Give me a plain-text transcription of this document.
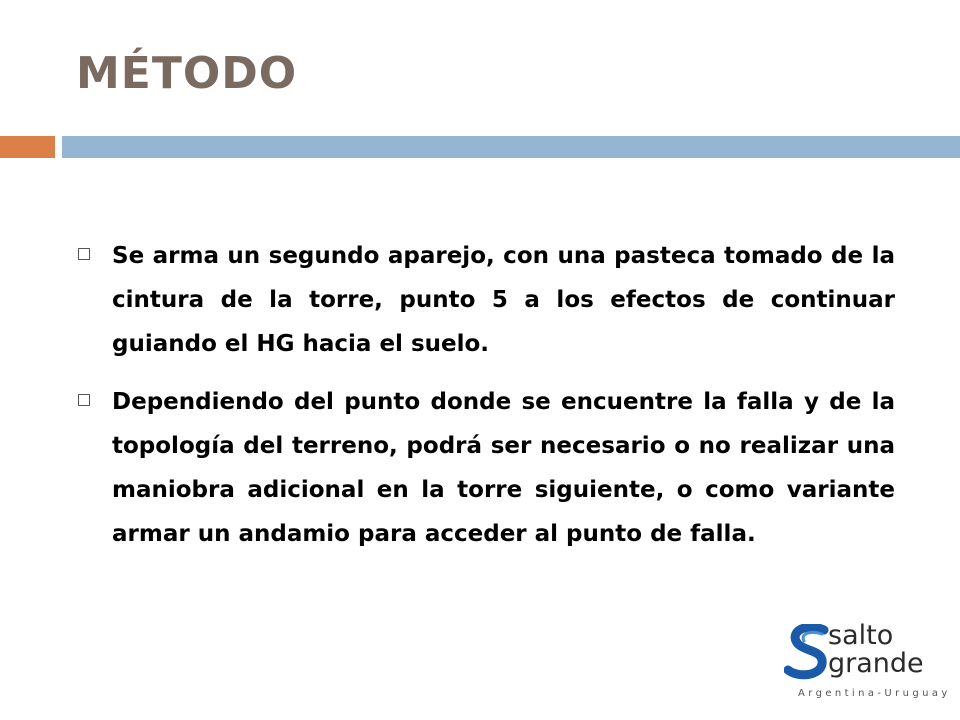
MÉTODO

Se arma un segundo aparejo, con una pasteca tomado de la cintura de la torre, punto 5 a los efectos de continuar guiando el HG hacia el suelo.

Dependiendo del punto donde se encuentre la falla y de la topología del terreno, podrá ser necesario o no realizar una maniobra adicional en la torre siguiente, o como variante armar un andamio para acceder al punto de falla.

salto
grande
Argentina-Uruguay
